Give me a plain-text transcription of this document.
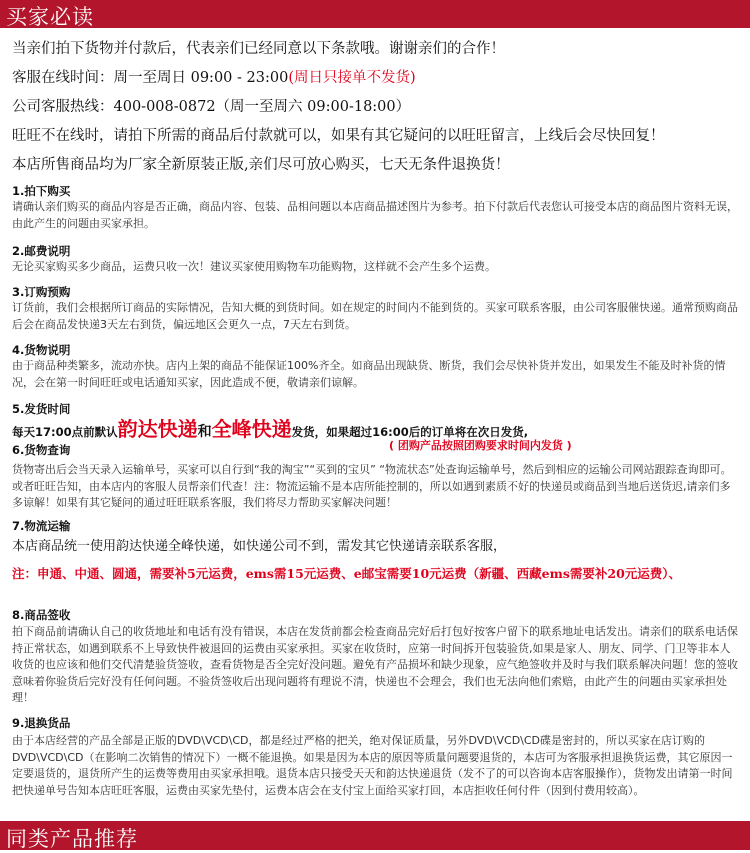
买家必读
当亲们拍下货物并付款后，代表亲们已经同意以下条款哦。谢谢亲们的合作！
客服在线时间：周一至周日 09:00 - 23:00(周日只接单不发货)
公司客服热线：400-008-0872（周一至周六 09:00-18:00）
旺旺不在线时，请拍下所需的商品后付款就可以，如果有其它疑问的以旺旺留言，上线后会尽快回复！
本店所售商品均为厂家全新原装正版,亲们尽可放心购买，七天无条件退换货！
1.拍下购买
请确认亲们购买的商品内容是否正确，商品内容、包装、品相问题以本店商品描述图片为参考。拍下付款后代表您认可接受本店的商品图片资料无误，由此产生的问题由买家承担。
2.邮费说明
无论买家购买多少商品，运费只收一次！建议买家使用购物车功能购物，这样就不会产生多个运费。
3.订购预购
订货前，我们会根据所订商品的实际情况，告知大概的到货时间。如在规定的时间内不能到货的。买家可联系客服，由公司客服催快递。通常预购商品后会在商品发快递3天左右到货，偏远地区会更久一点，7天左右到货。
4.货物说明
由于商品种类繁多，流动亦快。店内上架的商品不能保证100%齐全。如商品出现缺货、断货，我们会尽快补货并发出，如果发生不能及时补货的情况，会在第一时间旺旺或电话通知买家，因此造成不便，敬请亲们谅解。
5.发货时间
每天17:00点前默认韵达快递和全峰快递发货，如果超过16:00后的订单将在次日发货,
( 团购产品按照团购要求时间内发货 )
6.货物查询
货物寄出后会当天录入运输单号，买家可以自行到“我的淘宝”“买到的宝贝” “物流状态”处查询运输单号，然后到相应的运输公司网站跟踪查询即可。或者旺旺告知，由本店内的客服人员帮亲们代查！注：物流运输不是本店所能控制的，所以如遇到素质不好的快递员或商品到当地后送货迟,请亲们多多谅解！如果有其它疑问的通过旺旺联系客服，我们将尽力帮助买家解决问题！
7.物流运输
本店商品统一使用韵达快递全峰快递，如快递公司不到，需发其它快递请亲联系客服，
注：申通、中通、圆通，需要补5元运费，ems需15元运费、e邮宝需要10元运费（新疆、西藏ems需要补20元运费）、
8.商品签收
拍下商品前请确认自己的收货地址和电话有没有错误，本店在发货前都会检查商品完好后打包好按客户留下的联系地址电话发出。请亲们的联系电话保持正常状态，如遇到联系不上导致快件被退回的运费由买家承担。买家在收货时，应第一时间拆开包装验货,如果是家人、朋友、同学、门卫等非本人收货的也应该和他们交代清楚验货签收，查看货物是否全完好没问题。避免有产品损坏和缺少现象，应气绝签收并及时与我们联系解决问题！您的签收意味着你验货后完好没有任何问题。不验货签收后出现问题将有理说不清，快递也不会理会，我们也无法向他们索赔，由此产生的问题由买家承担处理！
9.退换货品
由于本店经营的产品全部是正版的DVD\VCD\CD，都是经过严格的把关，绝对保证质量，另外DVD\VCD\CD碟是密封的，所以买家在店订购的DVD\VCD\CD（在影响二次销售的情况下）一概不能退换。如果是因为本店的原因等质量问题要退货的，本店可为客服承担退换货运费，其它原因一定要退货的，退货所产生的运费等费用由买家承担哦。退货本店只接受天天和韵达快递退货（发不了的可以咨询本店客服操作），货物发出请第一时间把快递单号告知本店旺旺客服，运费由买家先垫付，运费本店会在支付宝上面给买家打回，本店拒收任何付件（因到付费用较高）。
同类产品推荐
